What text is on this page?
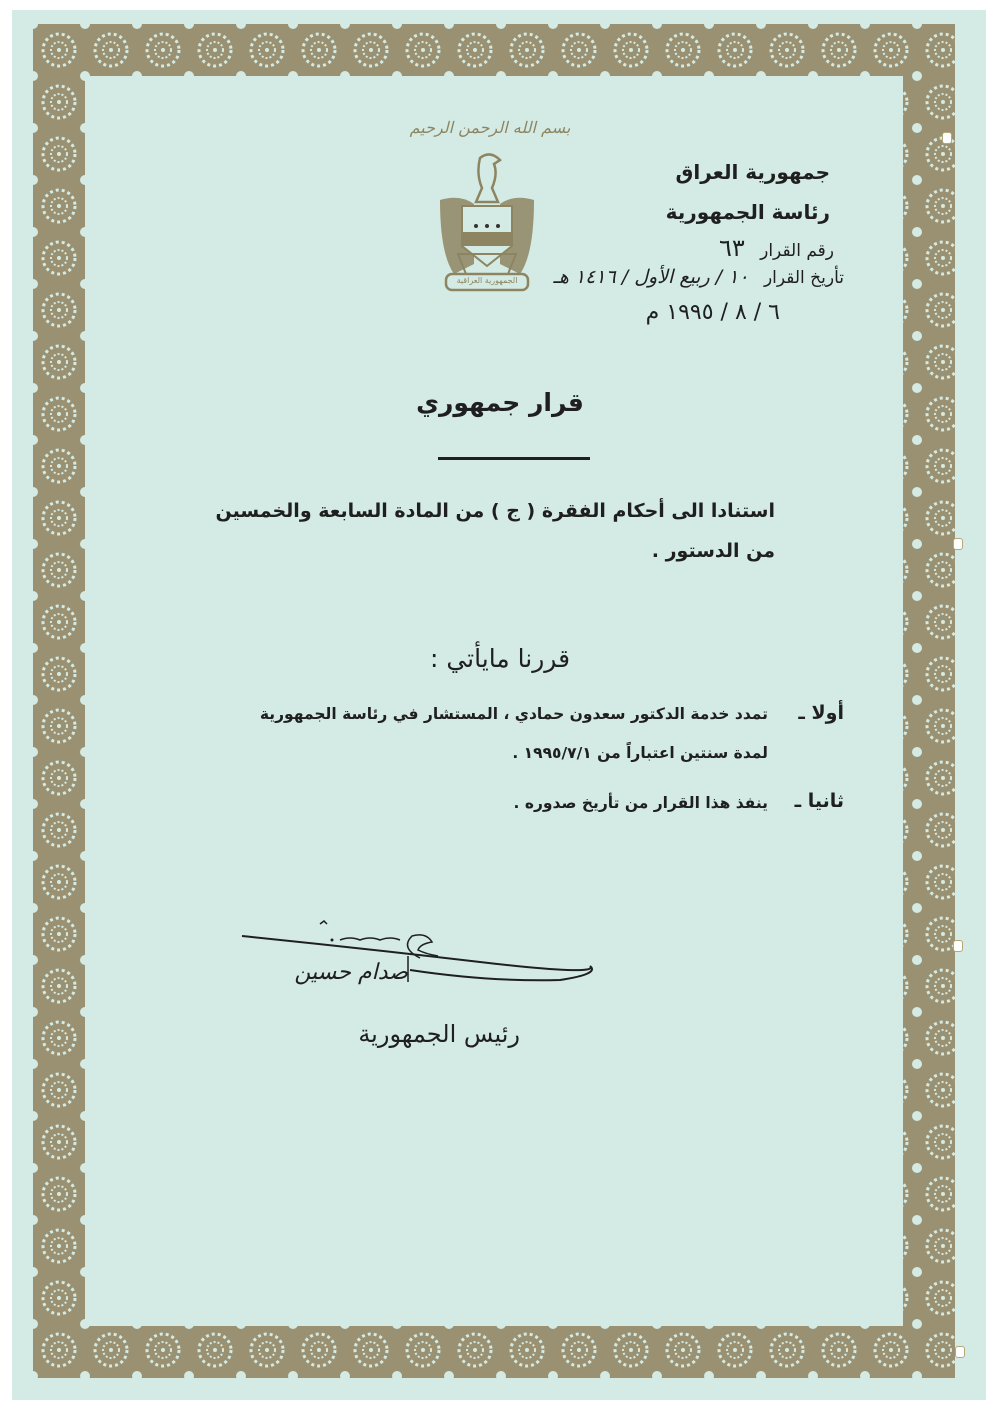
بسم الله الرحمن الرحيم
الجمهورية العراقية
جمهورية العراق
رئاسة الجمهورية
رقم القرار ٦٣
تأريخ القرار ١٠ / ربيع الأول / ١٤١٦ هـ
٦ / ٨ / ١٩٩٥ م
قرار جمهوري
استنادا الى أحكام الفقرة ( ج ) من المادة السابعة والخمسين
من الدستور .
قررنا مايأتي :
أولا ـ
تمدد خدمة الدكتور سعدون حمادي ، المستشار في رئاسة الجمهورية
لمدة سنتين اعتباراً من ١٩٩٥/٧/١ .
ثانيا ـ
ينفذ هذا القرار من تأريخ صدوره .
صدام حسين
رئيس الجمهورية
